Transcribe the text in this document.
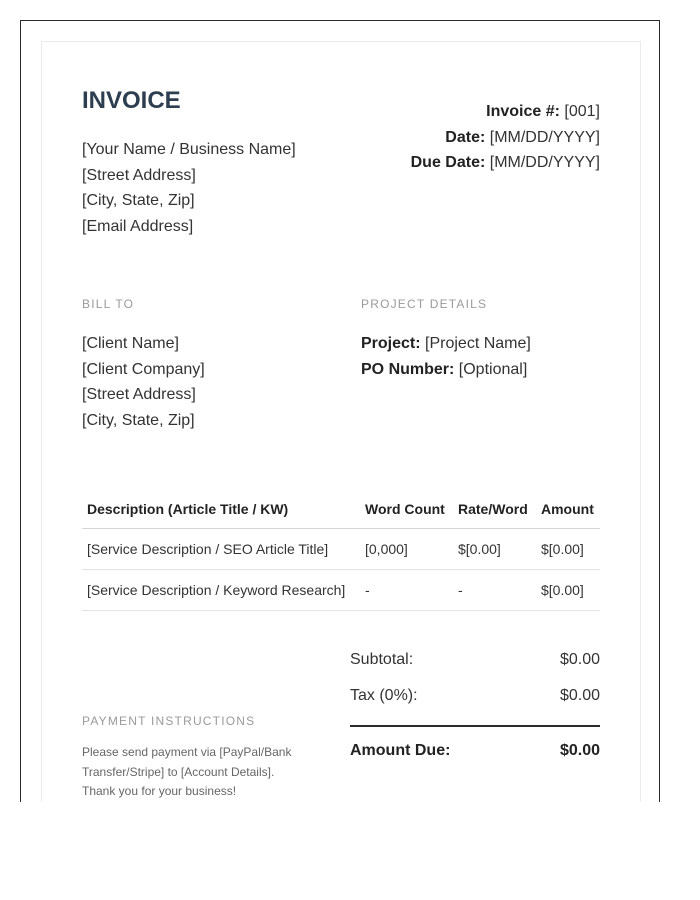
INVOICE
[Your Name / Business Name]
[Street Address]
[City, State, Zip]
[Email Address]
Invoice #: [001]
Date: [MM/DD/YYYY]
Due Date: [MM/DD/YYYY]
BILL TO	PROJECT DETAILS
[Client Name]
[Client Company]
[Street Address]
[City, State, Zip]
Project: [Project Name]
PO Number: [Optional]
Description (Article Title / KW)	Word Count	Rate/Word	Amount
[Service Description / SEO Article Title]	[0,000]	$[0.00]	$[0.00]
[Service Description / Keyword Research]	-	-	$[0.00]
Subtotal:	$0.00
Tax (0%):	$0.00
Amount Due:	$0.00
PAYMENT INSTRUCTIONS
Please send payment via [PayPal/Bank
Transfer/Stripe] to [Account Details].
Thank you for your business!
